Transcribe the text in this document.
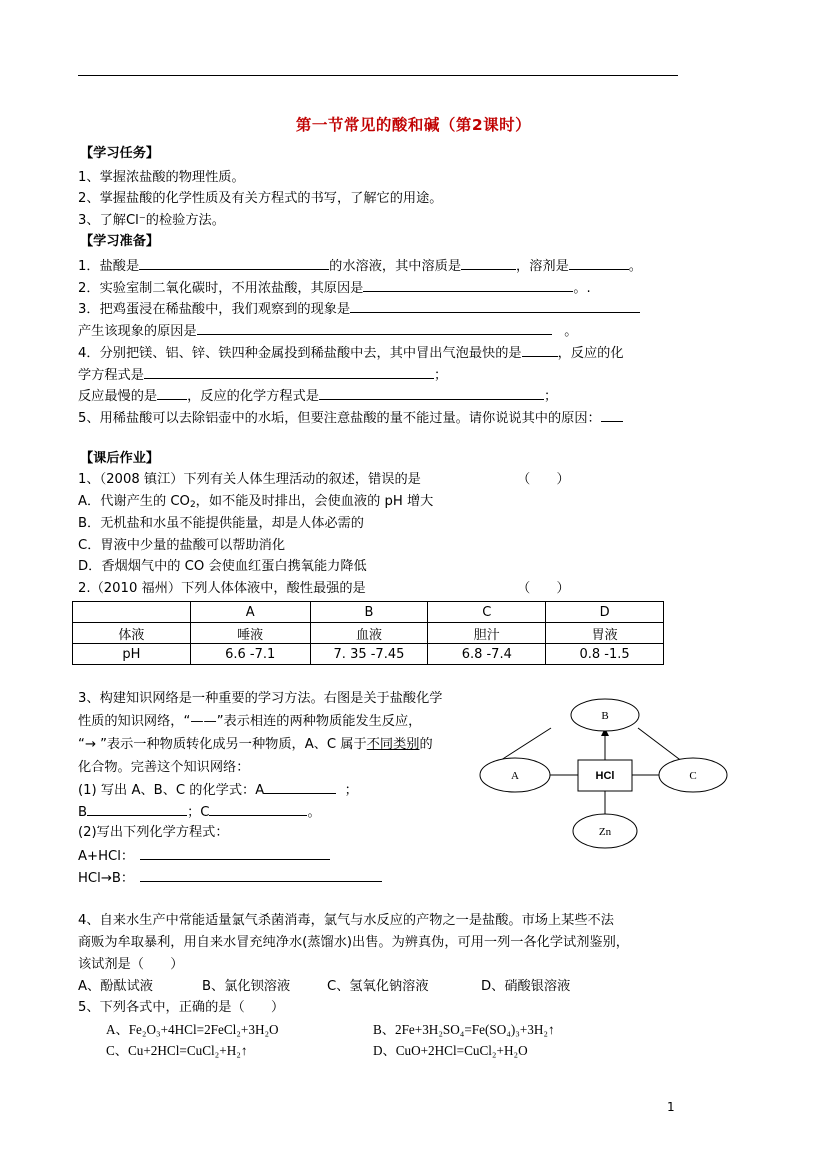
第一节常见的酸和碱（第2课时）
【学习任务】
1、掌握浓盐酸的物理性质。
2、掌握盐酸的化学性质及有关方程式的书写，了解它的用途。
3、了解Cl⁻的检验方法。
【学习准备】
1．盐酸是	的水溶液，其中溶质是	，溶剂是	。
2．实验室制二氧化碳时，不用浓盐酸，其原因是	。.
3．把鸡蛋浸在稀盐酸中，我们观察到的现象是
产生该现象的原因是	。
4．分别把镁、铝、锌、铁四种金属投到稀盐酸中去，其中冒出气泡最快的是	，反应的化
学方程式是	；
反应最慢的是 ，反应的化学方程式是	；
5、用稀盐酸可以去除铝壶中的水垢，但要注意盐酸的量不能过量。请你说说其中的原因：
【课后作业】
1、（2008 镇江）下列有关人体生理活动的叙述，错误的是	（　　）
A．代谢产生的 $CO_2$，如不能及时排出，会使血液的 pH 增大
B．无机盐和水虽不能提供能量，却是人体必需的
C．胃液中少量的盐酸可以帮助消化
D．香烟烟气中的 CO 会使血红蛋白携氧能力降低
2.（2010 福州）下列人体体液中，酸性最强的是	（　　）
	A	B	C	D
体液	唾液	血液	胆汁	胃液
pH	6.6 -7.1	7. 35 -7.45	6.8 -7.4	0.8 -1.5
3、构建知识网络是一种重要的学习方法。右图是关于盐酸化学
性质的知识网络，“——”表示相连的两种物质能发生反应，
“→ ”表示一种物质转化成另一种物质，A、C 属于不同类别的
化合物。完善这个知识网络：
(1) 写出 A、B、C 的化学式：A	；
B	；C	。
(2)写出下列化学方程式：
A+HCl：
HCl→B：
B
A	HCl	C
Zn
4、自来水生产中常能适量氯气杀菌消毒，氯气与水反应的产物之一是盐酸。市场上某些不法
商贩为牟取暴利，用自来水冒充纯净水(蒸馏水)出售。为辨真伪，可用一列一各化学试剂鉴别，
该试剂是（　　）
A、酚酞试液	B、氯化钡溶液	C、氢氧化钠溶液	D、硝酸银溶液
5、下列各式中，正确的是（　　）
A、Fe₂O₃+4HCl=2FeCl₂+3H₂O	B、2Fe+3H₂SO₄=Fe(SO₄)₃+3H₂↑
C、Cu+2HCl=CuCl₂+H₂↑	D、CuO+2HCl=CuCl₂+H₂O
1
